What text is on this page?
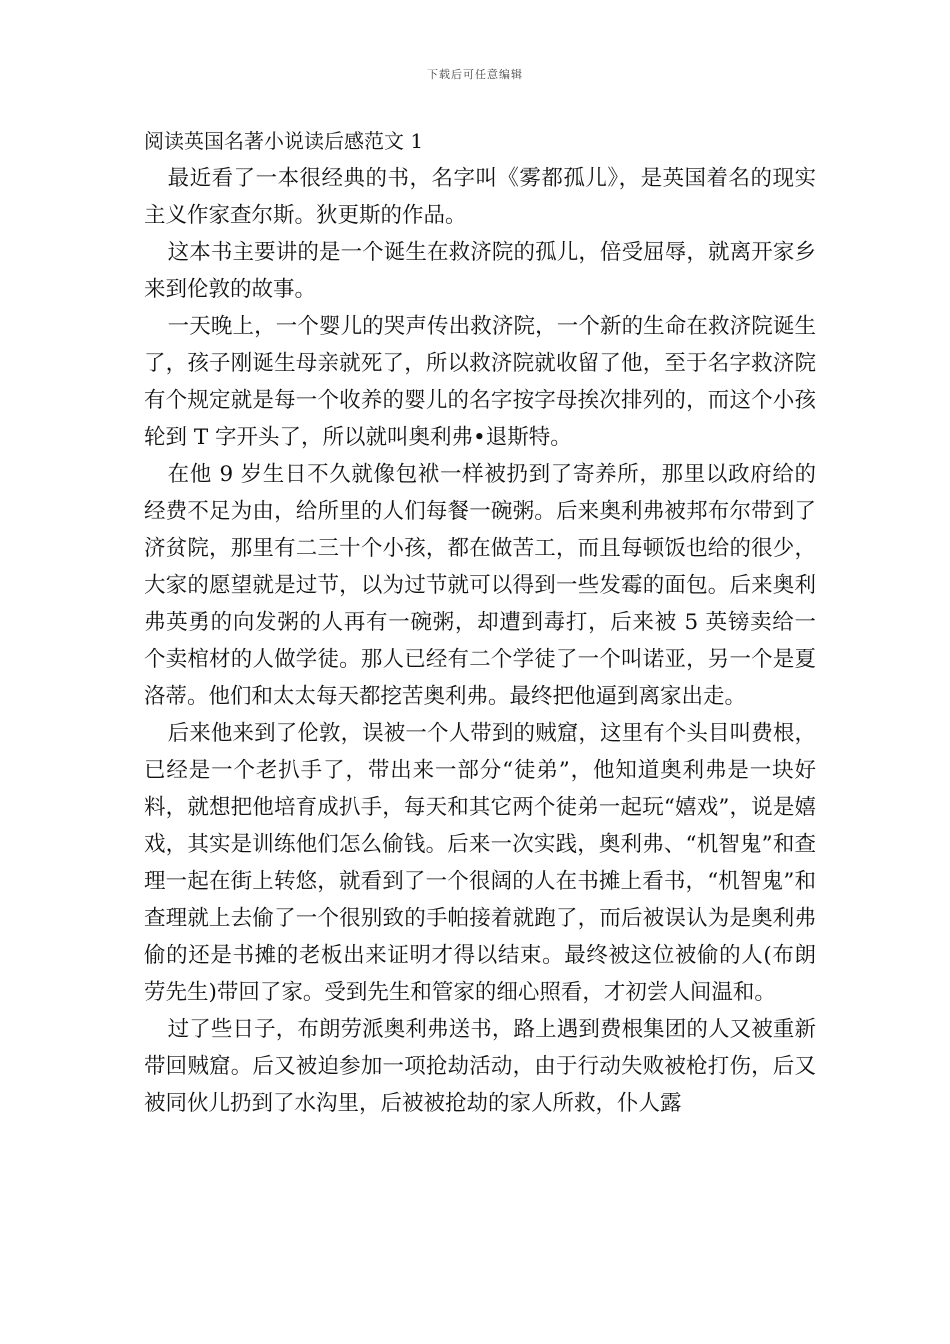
下载后可任意编辑
阅读英国名著小说读后感范文 1

最近看了一本很经典的书，名字叫《雾都孤儿》，是英国着名的现实主义作家查尔斯。狄更斯的作品。

这本书主要讲的是一个诞生在救济院的孤儿，倍受屈辱，就离开家乡来到伦敦的故事。

一天晚上，一个婴儿的哭声传出救济院，一个新的生命在救济院诞生了，孩子刚诞生母亲就死了，所以救济院就收留了他，至于名字救济院有个规定就是每一个收养的婴儿的名字按字母挨次排列的，而这个小孩轮到 T 字开头了，所以就叫奥利弗•退斯特。

在他 9 岁生日不久就像包袱一样被扔到了寄养所，那里以政府给的经费不足为由，给所里的人们每餐一碗粥。后来奥利弗被邦布尔带到了济贫院，那里有二三十个小孩，都在做苦工，而且每顿饭也给的很少，大家的愿望就是过节，以为过节就可以得到一些发霉的面包。后来奥利弗英勇的向发粥的人再有一碗粥，却遭到毒打，后来被 5 英镑卖给一个卖棺材的人做学徒。那人已经有二个学徒了一个叫诺亚，另一个是夏洛蒂。他们和太太每天都挖苦奥利弗。最终把他逼到离家出走。

后来他来到了伦敦，误被一个人带到的贼窟，这里有个头目叫费根，已经是一个老扒手了，带出来一部分“徒弟”，他知道奥利弗是一块好料，就想把他培育成扒手，每天和其它两个徒弟一起玩“嬉戏”，说是嬉戏，其实是训练他们怎么偷钱。后来一次实践，奥利弗、“机智鬼”和查理一起在街上转悠，就看到了一个很阔的人在书摊上看书，“机智鬼”和查理就上去偷了一个很别致的手帕接着就跑了，而后被误认为是奥利弗偷的还是书摊的老板出来证明才得以结束。最终被这位被偷的人(布朗劳先生)带回了家。受到先生和管家的细心照看，才初尝人间温和。

过了些日子，布朗劳派奥利弗送书，路上遇到费根集团的人又被重新带回贼窟。后又被迫参加一项抢劫活动，由于行动失败被枪打伤，后又被同伙儿扔到了水沟里，后被被抢劫的家人所救，仆人露
